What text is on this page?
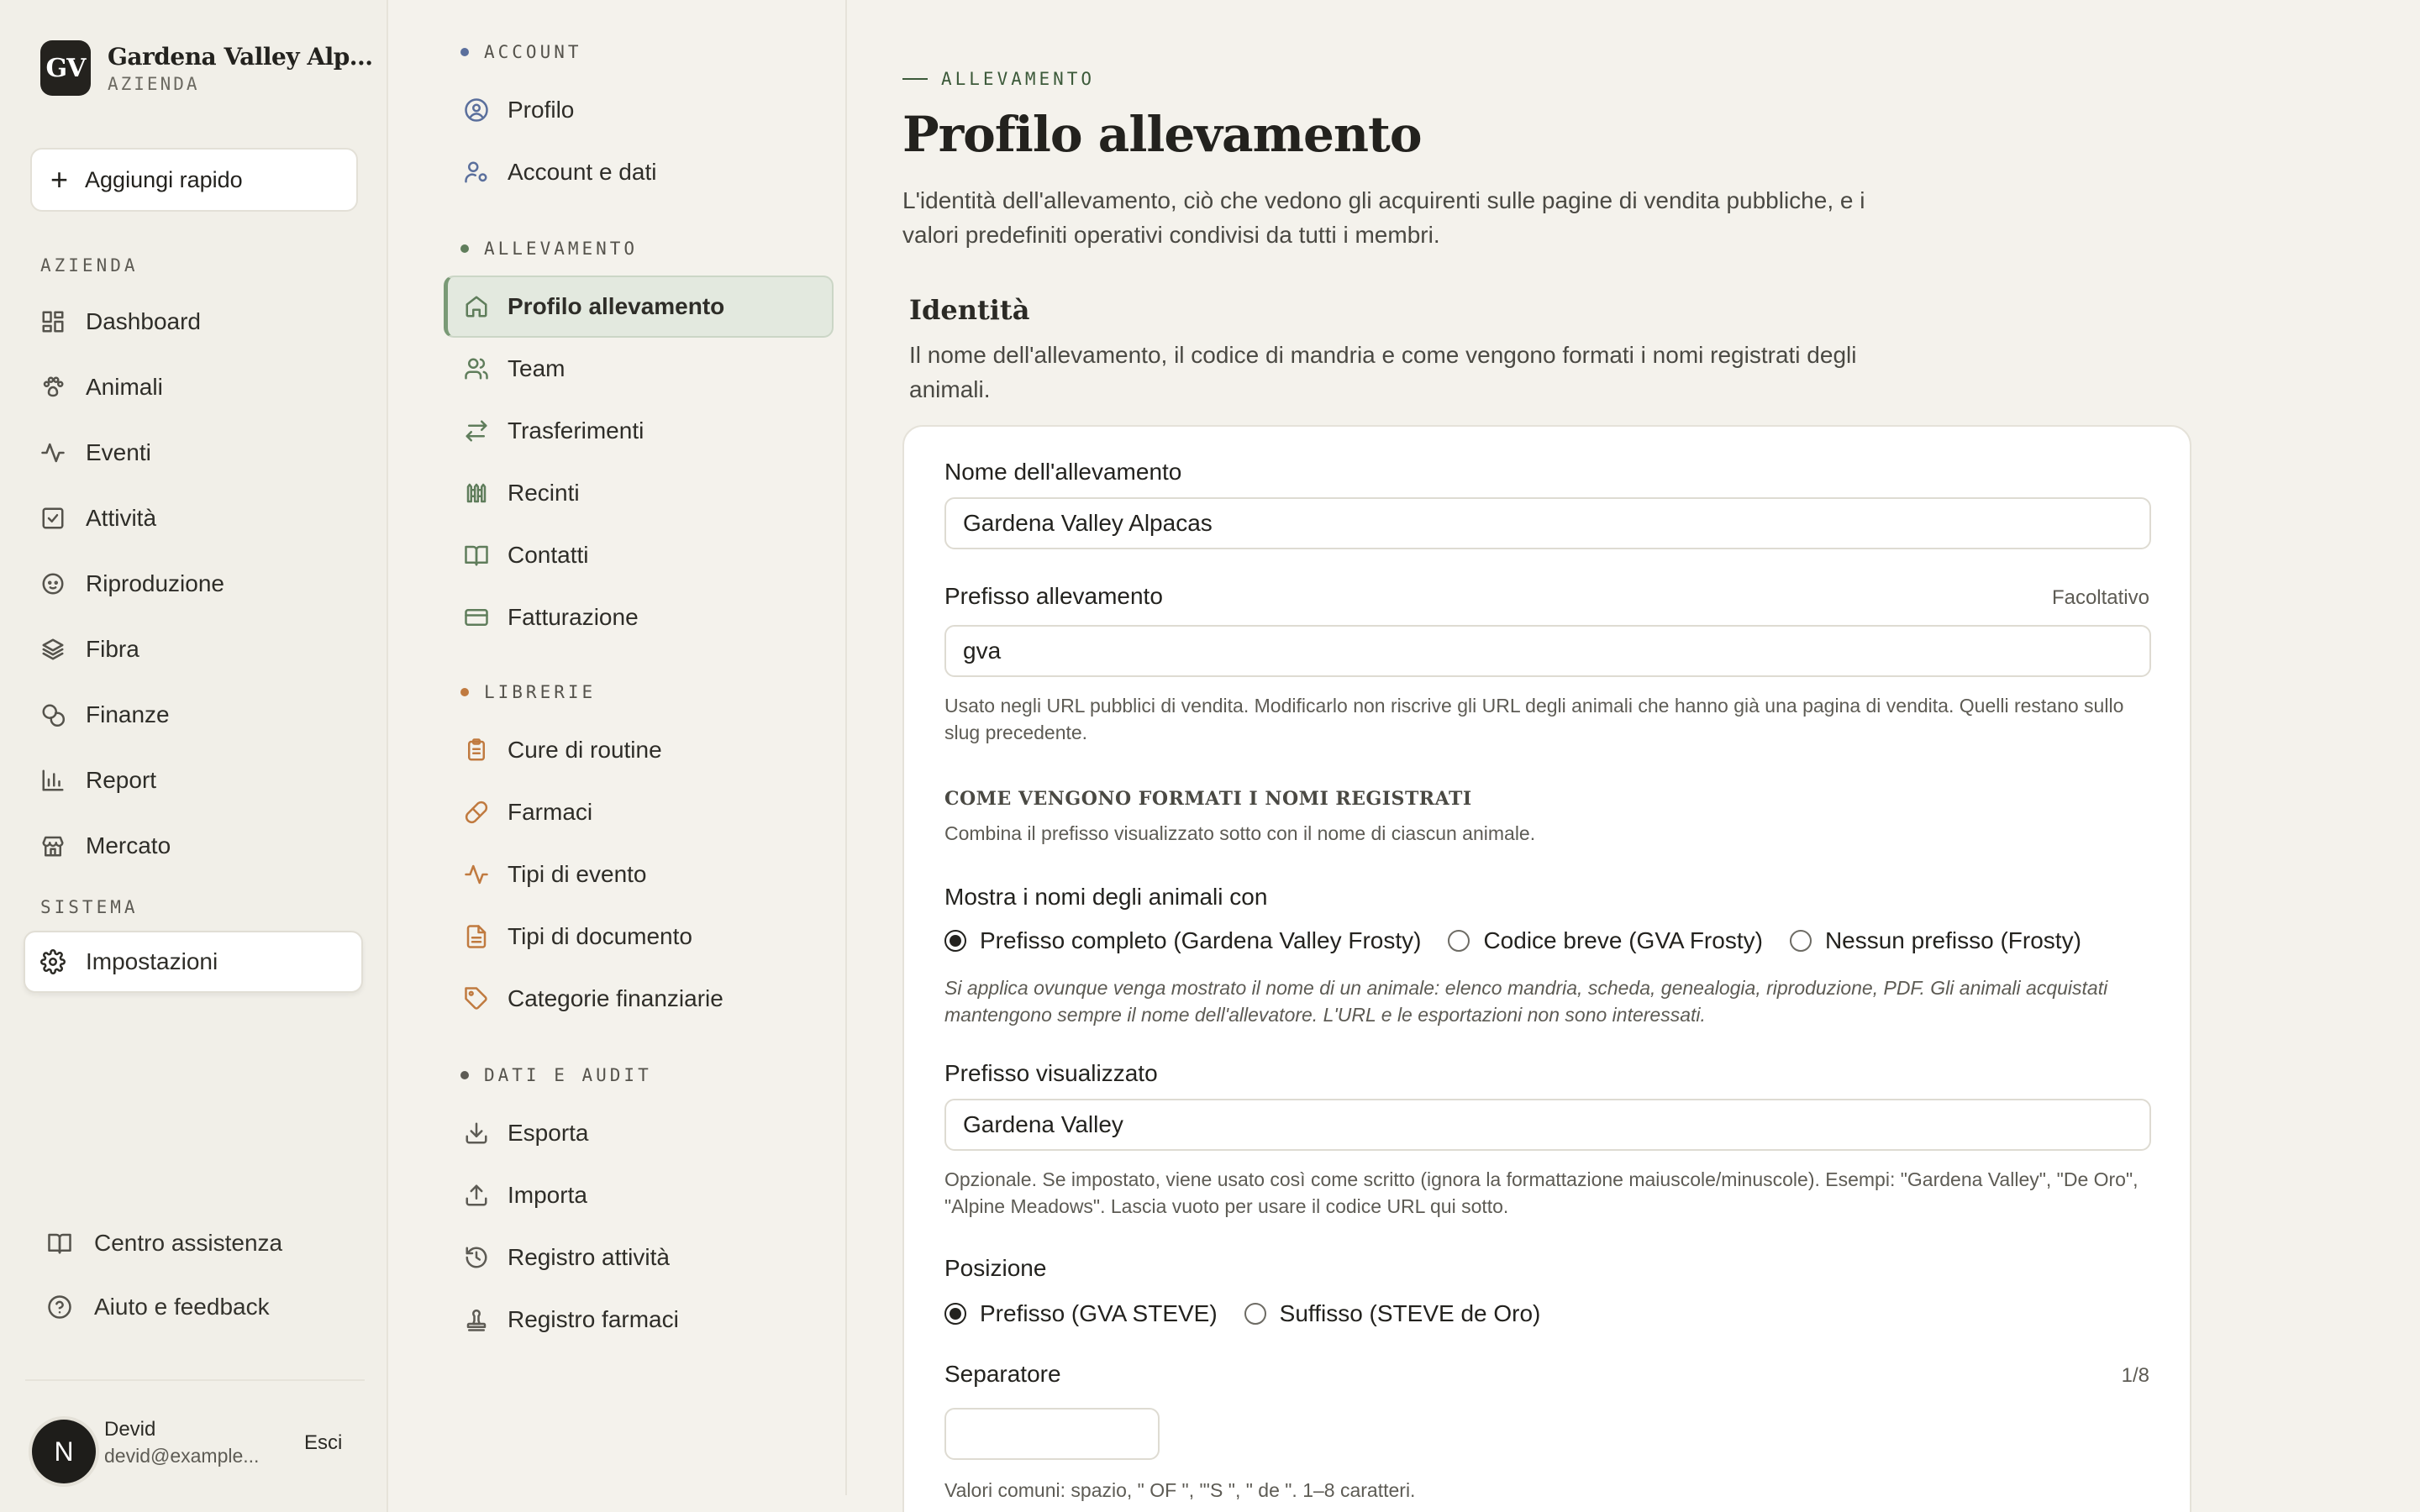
GV Gardena Valley Alp...
AZIENDA
+ Aggiungi rapido
AZIENDA
Dashboard
Animali
Eventi
Attività
Riproduzione
Fibra
Finanze
Report
Mercato
SISTEMA
Impostazioni
Centro assistenza
Aiuto e feedback
N
Devid
devid@example...
Esci
ACCOUNT
Profilo
Account e dati
ALLEVAMENTO
Profilo allevamento
Team
Trasferimenti
Recinti
Contatti
Fatturazione
LIBRERIE
Cure di routine
Farmaci
Tipi di evento
Tipi di documento
Categorie finanziarie
DATI E AUDIT
Esporta
Importa
Registro attività
Registro farmaci
ALLEVAMENTO
Profilo allevamento

L'identità dell'allevamento, ciò che vedono gli acquirenti sulle pagine di vendita pubbliche, e i valori predefiniti operativi condivisi da tutti i membri.

Identità

Il nome dell'allevamento, il codice di mandria e come vengono formati i nomi registrati degli animali.

Nome dell'allevamento
Gardena Valley Alpacas
Prefisso allevamento	Facoltativo
gva

Usato negli URL pubblici di vendita. Modificarlo non riscrive gli URL degli animali che hanno già una pagina di vendita. Quelli restano sullo slug precedente.

COME VENGONO FORMATI I NOMI REGISTRATI

Combina il prefisso visualizzato sotto con il nome di ciascun animale.

Mostra i nomi degli animali con
Prefisso completo (Gardena Valley Frosty)	Codice breve (GVA Frosty)	Nessun prefisso (Frosty)

Si applica ovunque venga mostrato il nome di un animale: elenco mandria, scheda, genealogia, riproduzione, PDF. Gli animali acquistati mantengono sempre il nome dell'allevatore. L'URL e le esportazioni non sono interessati.

Prefisso visualizzato
Gardena Valley

Opzionale. Se impostato, viene usato così come scritto (ignora la formattazione maiuscole/minuscole). Esempi: "Gardena Valley", "De Oro", "Alpine Meadows". Lascia vuoto per usare il codice URL qui sotto.

Posizione
Prefisso (GVA STEVE)	Suffisso (STEVE de Oro)
Separatore	1/8

Valori comuni: spazio, " OF ", "'S ", " de ". 1–8 caratteri.
